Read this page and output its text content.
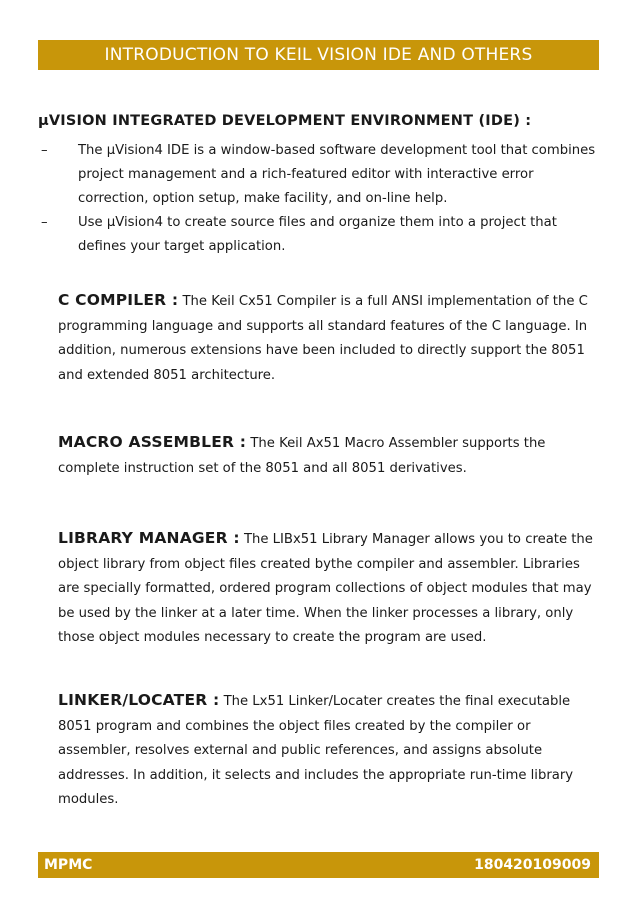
INTRODUCTION TO KEIL VISION IDE AND OTHERS
µVISION INTEGRATED DEVELOPMENT ENVIRONMENT (IDE) :
– The µVision4 IDE is a window-based software development tool that combines project management and a rich-featured editor with interactive error correction, option setup, make facility, and on-line help.
– Use µVision4 to create source files and organize them into a project that defines your target application.
C COMPILER : The Keil Cx51 Compiler is a full ANSI implementation of the C programming language and supports all standard features of the C language. In addition, numerous extensions have been included to directly support the 8051 and extended 8051 architecture.
MACRO ASSEMBLER : The Keil Ax51 Macro Assembler supports the complete instruction set of the 8051 and all 8051 derivatives.
LIBRARY MANAGER : The LIBx51 Library Manager allows you to create the object library from object files created bythe compiler and assembler. Libraries are specially formatted, ordered program collections of object modules that may be used by the linker at a later time. When the linker processes a library, only those object modules necessary to create the program are used.
LINKER/LOCATER : The Lx51 Linker/Locater creates the final executable 8051 program and combines the object files created by the compiler or assembler, resolves external and public references, and assigns absolute addresses. In addition, it selects and includes the appropriate run-time library modules.
MPMC	180420109009
